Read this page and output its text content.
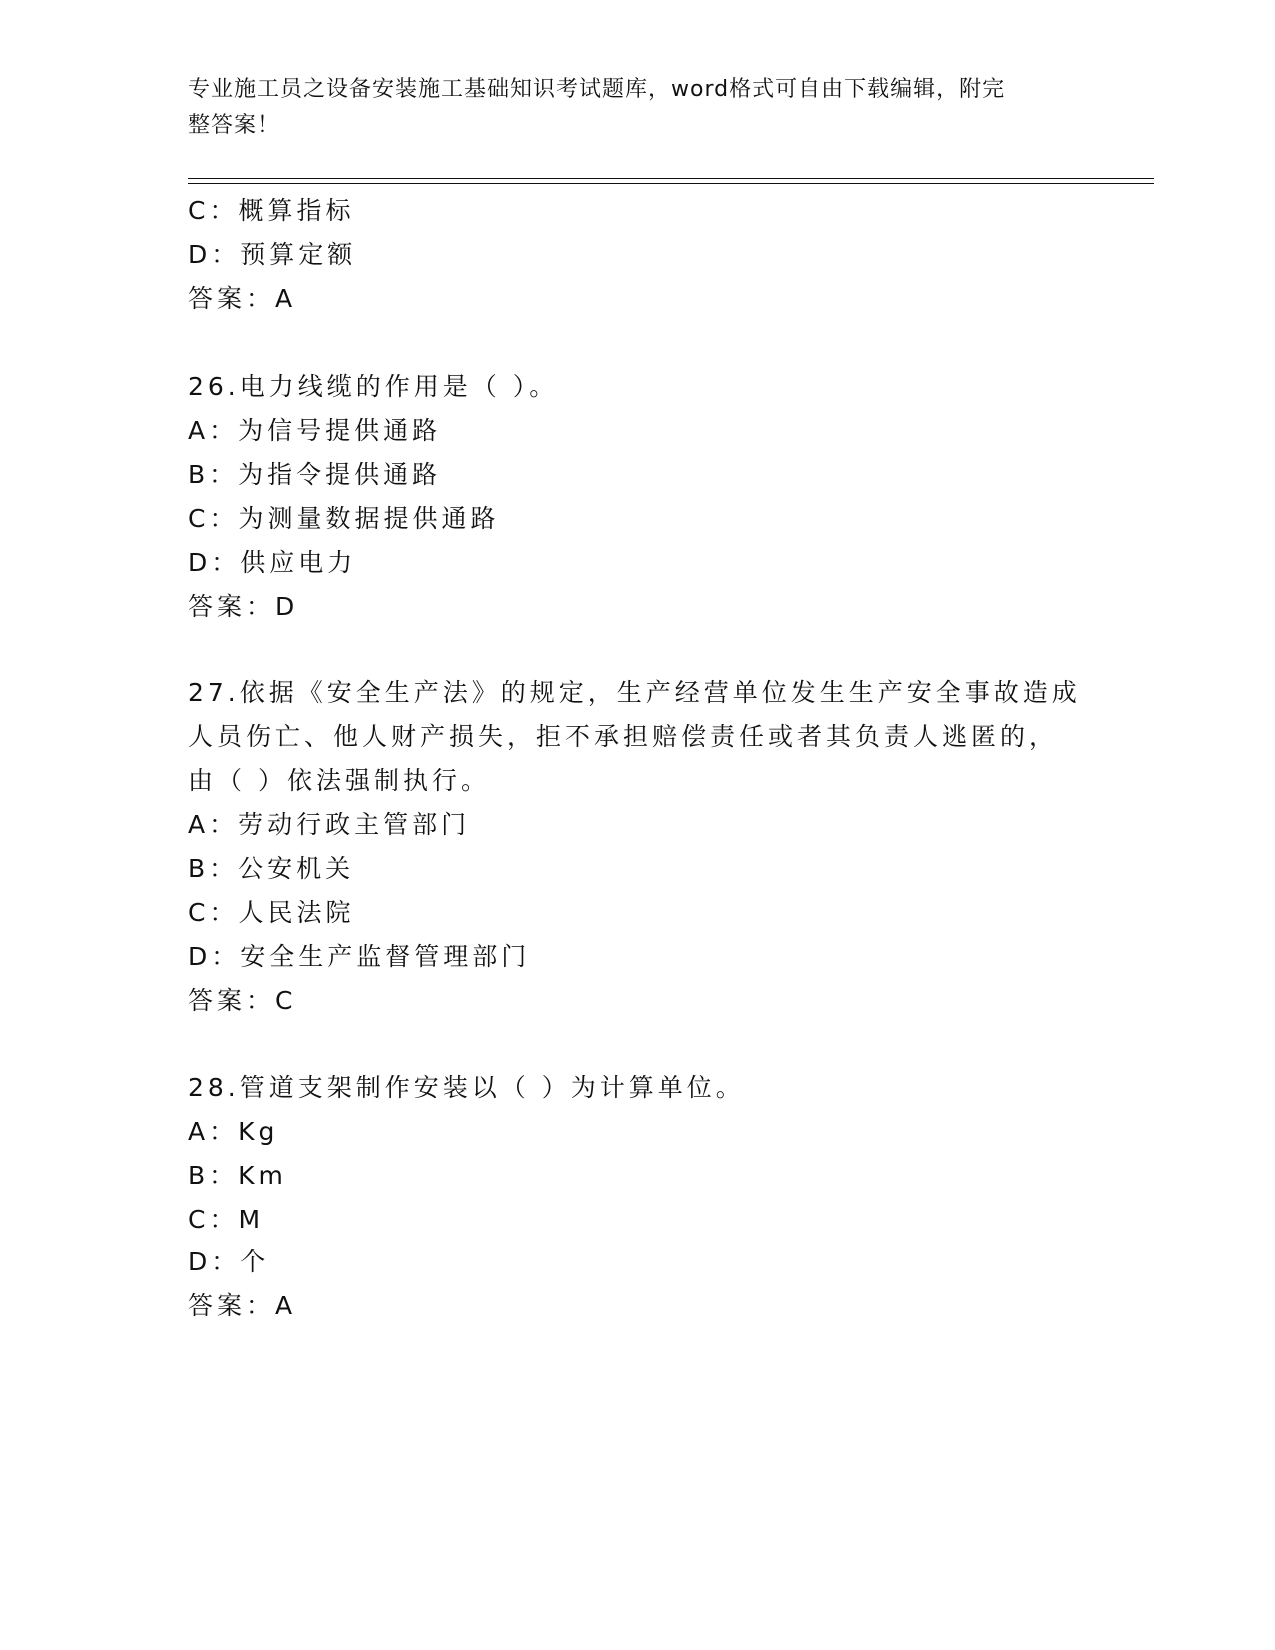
专业施工员之设备安装施工基础知识考试题库，word格式可自由下载编辑，附完
整答案！
C：概算指标
D：预算定额
答案：A
26.电力线缆的作用是（ ）。
A：为信号提供通路
B：为指令提供通路
C：为测量数据提供通路
D：供应电力
答案：D
27.依据《安全生产法》的规定，生产经营单位发生生产安全事故造成
人员伤亡、他人财产损失，拒不承担赔偿责任或者其负责人逃匿的，
由（ ）依法强制执行。
A：劳动行政主管部门
B：公安机关
C：人民法院
D：安全生产监督管理部门
答案：C
28.管道支架制作安装以（ ）为计算单位。
A：Kg
B：Km
C：M
D：个
答案：A
